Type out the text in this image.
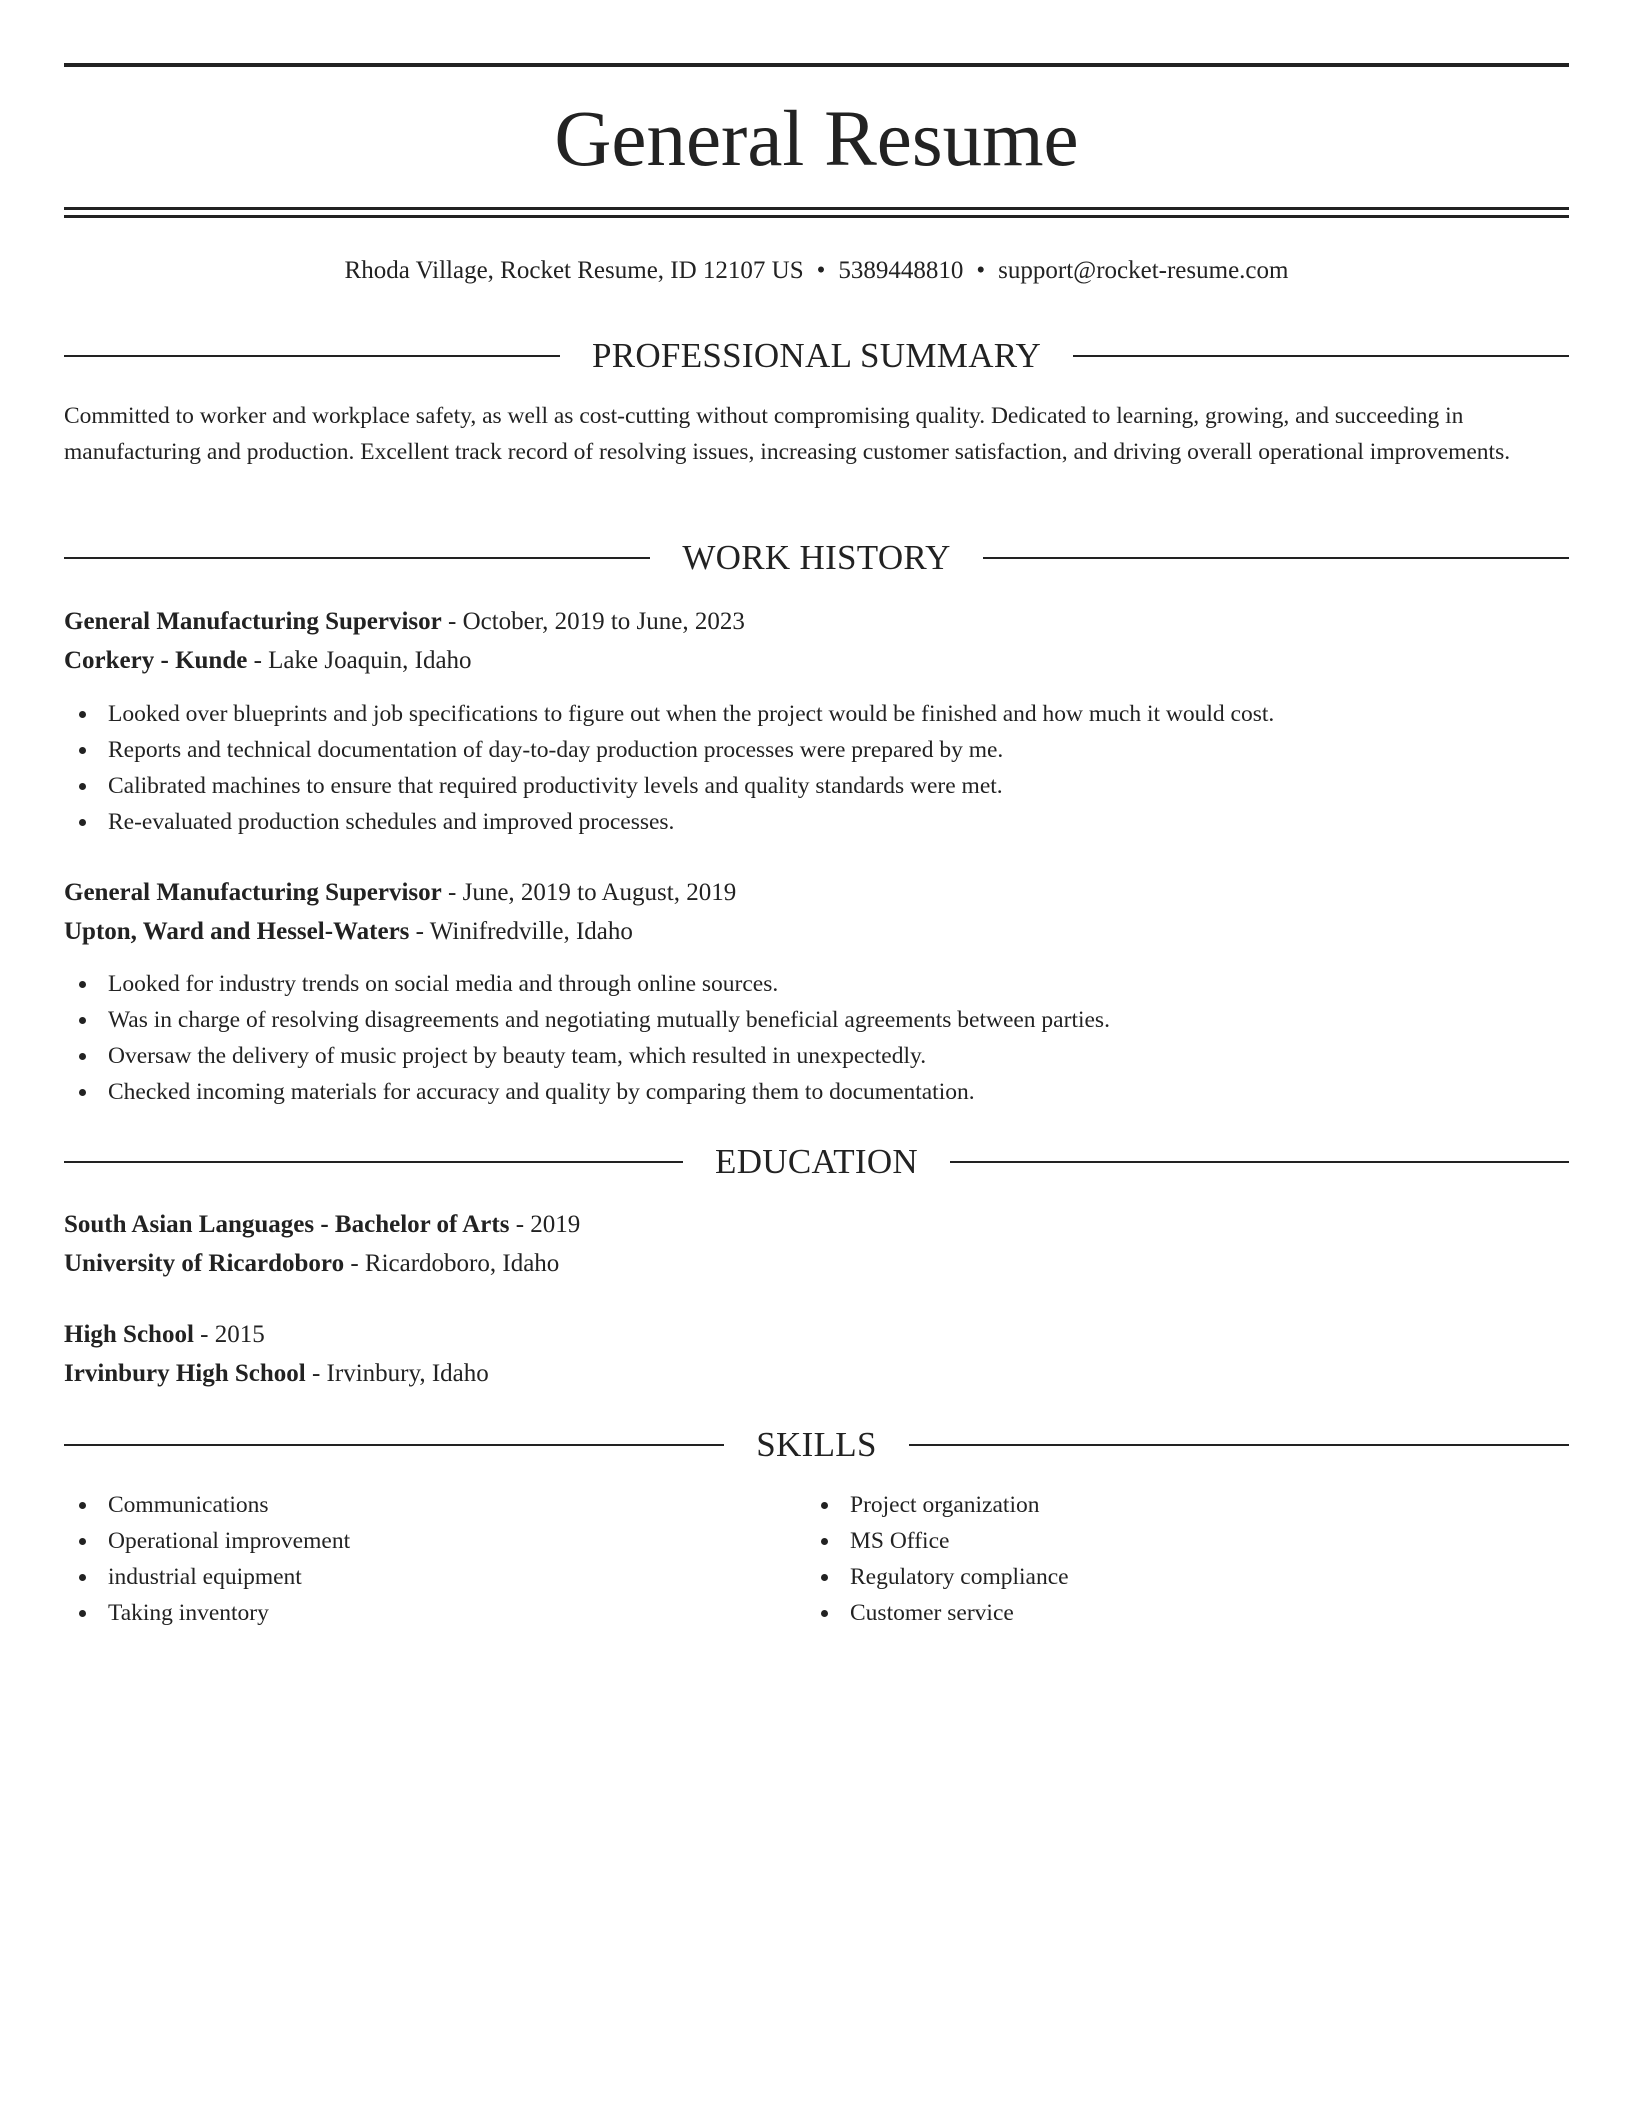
General Resume
Rhoda Village, Rocket Resume, ID 12107 US • 5389448810 • support@rocket-resume.com
PROFESSIONAL SUMMARY

Committed to worker and workplace safety, as well as cost-cutting without compromising quality. Dedicated to learning, growing, and succeeding in manufacturing and production. Excellent track record of resolving issues, increasing customer satisfaction, and driving overall operational improvements.

WORK HISTORY
General Manufacturing Supervisor - October, 2019 to June, 2023
Corkery - Kunde - Lake Joaquin, Idaho
Looked over blueprints and job specifications to figure out when the project would be finished and how much it would cost.
Reports and technical documentation of day-to-day production processes were prepared by me.
Calibrated machines to ensure that required productivity levels and quality standards were met.
Re-evaluated production schedules and improved processes.
General Manufacturing Supervisor - June, 2019 to August, 2019
Upton, Ward and Hessel-Waters - Winifredville, Idaho
Looked for industry trends on social media and through online sources.
Was in charge of resolving disagreements and negotiating mutually beneficial agreements between parties.
Oversaw the delivery of music project by beauty team, which resulted in unexpectedly.
Checked incoming materials for accuracy and quality by comparing them to documentation.
EDUCATION
South Asian Languages - Bachelor of Arts - 2019
University of Ricardoboro - Ricardoboro, Idaho
High School - 2015
Irvinbury High School - Irvinbury, Idaho
SKILLS
Communications
Operational improvement
industrial equipment
Taking inventory
Project organization
MS Office
Regulatory compliance
Customer service
